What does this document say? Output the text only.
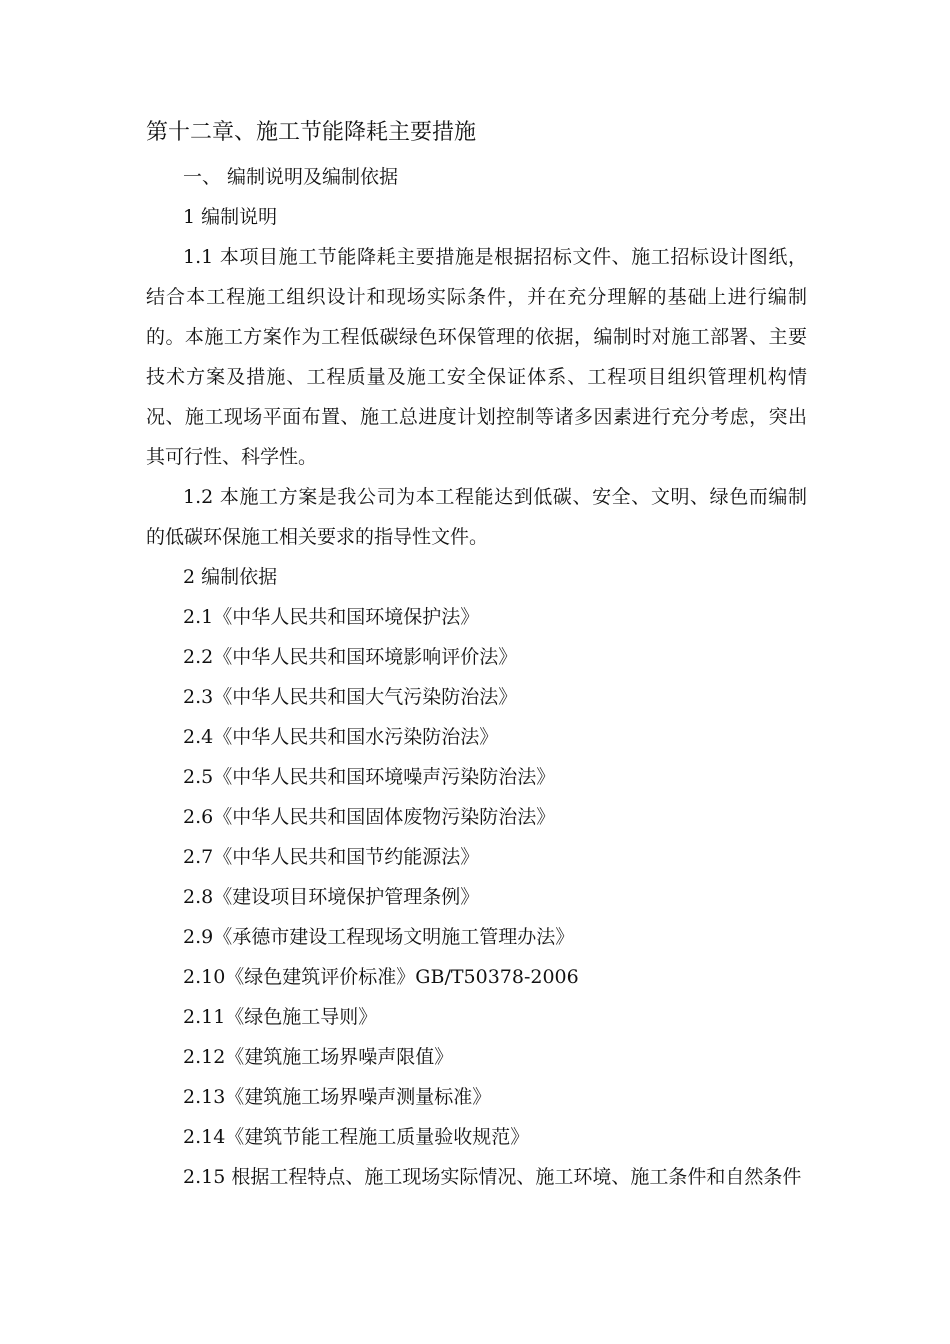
第十二章、施工节能降耗主要措施
一、 编制说明及编制依据
1 编制说明
1.1 本项目施工节能降耗主要措施是根据招标文件、施工招标设计图纸，结合本工程施工组织设计和现场实际条件，并在充分理解的基础上进行编制的。本施工方案作为工程低碳绿色环保管理的依据，编制时对施工部署、主要技术方案及措施、工程质量及施工安全保证体系、工程项目组织管理机构情况、施工现场平面布置、施工总进度计划控制等诸多因素进行充分考虑，突出其可行性、科学性。
1.2 本施工方案是我公司为本工程能达到低碳、安全、文明、绿色而编制的低碳环保施工相关要求的指导性文件。
2 编制依据
2.1《中华人民共和国环境保护法》
2.2《中华人民共和国环境影响评价法》
2.3《中华人民共和国大气污染防治法》
2.4《中华人民共和国水污染防治法》
2.5《中华人民共和国环境噪声污染防治法》
2.6《中华人民共和国固体废物污染防治法》
2.7《中华人民共和国节约能源法》
2.8《建设项目环境保护管理条例》
2.9《承德市建设工程现场文明施工管理办法》
2.10《绿色建筑评价标准》GB/T50378-2006
2.11《绿色施工导则》
2.12《建筑施工场界噪声限值》
2.13《建筑施工场界噪声测量标准》
2.14《建筑节能工程施工质量验收规范》
2.15 根据工程特点、施工现场实际情况、施工环境、施工条件和自然条件
